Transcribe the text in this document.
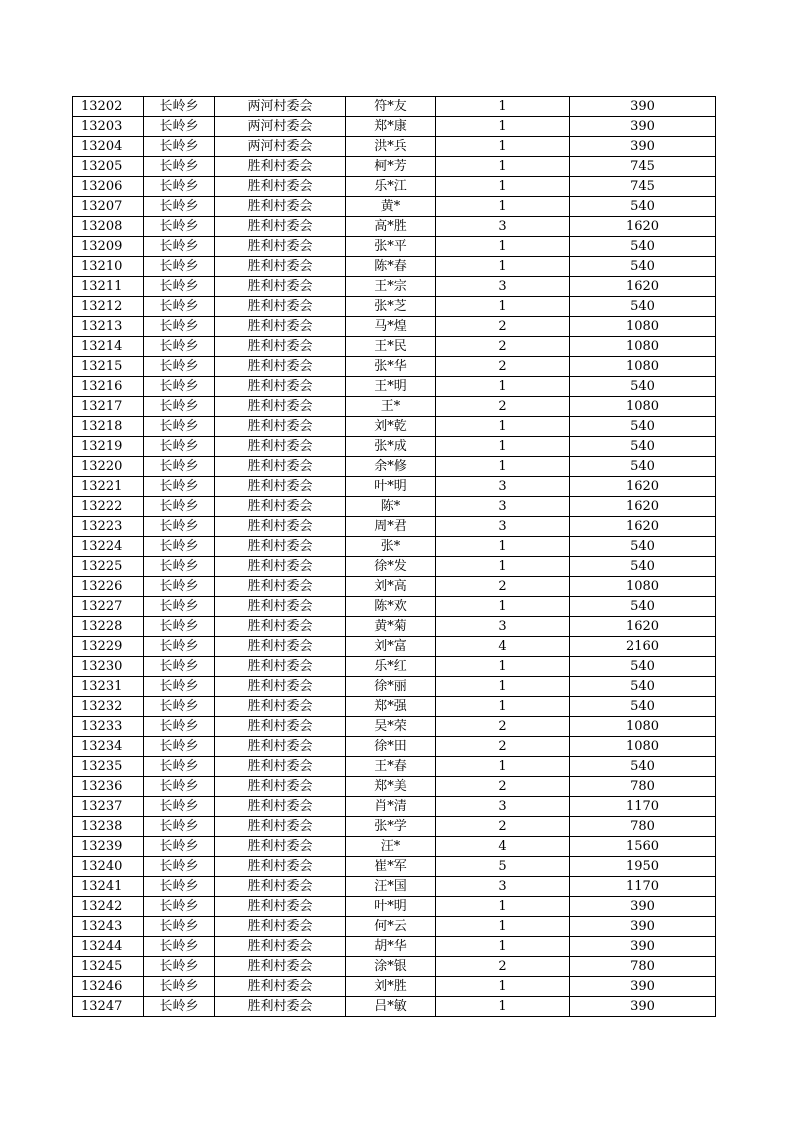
13202	长岭乡	两河村委会	符*友	1	390
13203	长岭乡	两河村委会	郑*康	1	390
13204	长岭乡	两河村委会	洪*兵	1	390
13205	长岭乡	胜利村委会	柯*芳	1	745
13206	长岭乡	胜利村委会	乐*江	1	745
13207	长岭乡	胜利村委会	黄*	1	540
13208	长岭乡	胜利村委会	高*胜	3	1620
13209	长岭乡	胜利村委会	张*平	1	540
13210	长岭乡	胜利村委会	陈*春	1	540
13211	长岭乡	胜利村委会	王*宗	3	1620
13212	长岭乡	胜利村委会	张*芝	1	540
13213	长岭乡	胜利村委会	马*煌	2	1080
13214	长岭乡	胜利村委会	王*民	2	1080
13215	长岭乡	胜利村委会	张*华	2	1080
13216	长岭乡	胜利村委会	王*明	1	540
13217	长岭乡	胜利村委会	王*	2	1080
13218	长岭乡	胜利村委会	刘*乾	1	540
13219	长岭乡	胜利村委会	张*成	1	540
13220	长岭乡	胜利村委会	余*修	1	540
13221	长岭乡	胜利村委会	叶*明	3	1620
13222	长岭乡	胜利村委会	陈*	3	1620
13223	长岭乡	胜利村委会	周*君	3	1620
13224	长岭乡	胜利村委会	张*	1	540
13225	长岭乡	胜利村委会	徐*发	1	540
13226	长岭乡	胜利村委会	刘*高	2	1080
13227	长岭乡	胜利村委会	陈*欢	1	540
13228	长岭乡	胜利村委会	黄*菊	3	1620
13229	长岭乡	胜利村委会	刘*富	4	2160
13230	长岭乡	胜利村委会	乐*红	1	540
13231	长岭乡	胜利村委会	徐*丽	1	540
13232	长岭乡	胜利村委会	郑*强	1	540
13233	长岭乡	胜利村委会	吴*荣	2	1080
13234	长岭乡	胜利村委会	徐*田	2	1080
13235	长岭乡	胜利村委会	王*春	1	540
13236	长岭乡	胜利村委会	郑*美	2	780
13237	长岭乡	胜利村委会	肖*清	3	1170
13238	长岭乡	胜利村委会	张*学	2	780
13239	长岭乡	胜利村委会	汪*	4	1560
13240	长岭乡	胜利村委会	崔*军	5	1950
13241	长岭乡	胜利村委会	汪*国	3	1170
13242	长岭乡	胜利村委会	叶*明	1	390
13243	长岭乡	胜利村委会	何*云	1	390
13244	长岭乡	胜利村委会	胡*华	1	390
13245	长岭乡	胜利村委会	涂*银	2	780
13246	长岭乡	胜利村委会	刘*胜	1	390
13247	长岭乡	胜利村委会	吕*敏	1	390
